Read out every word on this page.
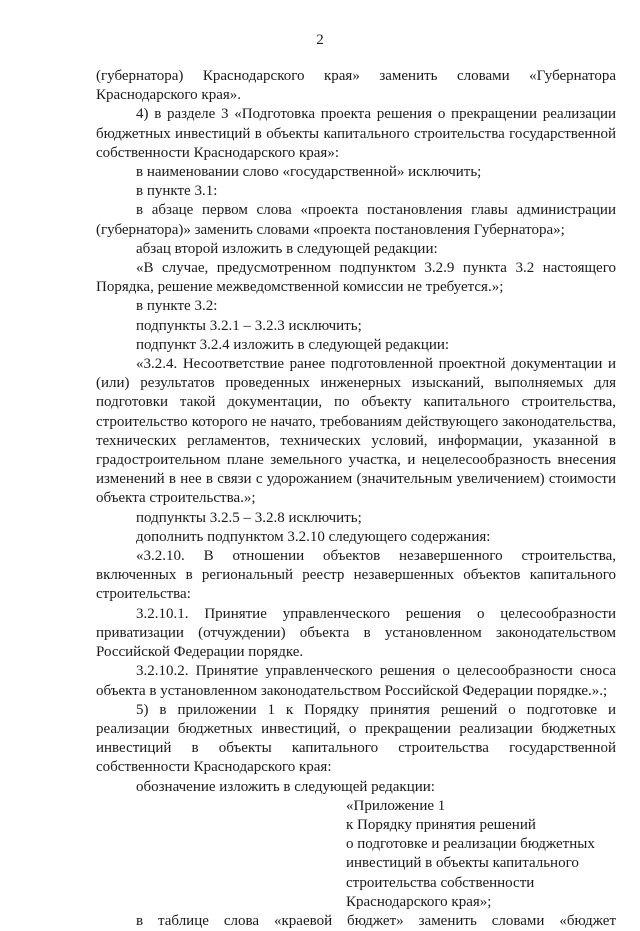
2

(губернатора) Краснодарского края» заменить словами «Губернатора Краснодарского края».

4) в разделе 3 «Подготовка проекта решения о прекращении реализации бюджетных инвестиций в объекты капитального строительства государственной собственности Краснодарского края»:

в наименовании слово «государственной» исключить;

в пункте 3.1:

в абзаце первом слова «проекта постановления главы администрации (губернатора)» заменить словами «проекта постановления Губернатора»;

абзац второй изложить в следующей редакции:

«В случае, предусмотренном подпунктом 3.2.9 пункта 3.2 настоящего Порядка, решение межведомственной комиссии не требуется.»;

в пункте 3.2:

подпункты 3.2.1 – 3.2.3 исключить;

подпункт 3.2.4 изложить в следующей редакции:

«3.2.4. Несоответствие ранее подготовленной проектной документации и (или) результатов проведенных инженерных изысканий, выполняемых для подготовки такой документации, по объекту капитального строительства, строительство которого не начато, требованиям действующего законодательства, технических регламентов, технических условий, информации, указанной в градостроительном плане земельного участка, и нецелесообразность внесения изменений в нее в связи с удорожанием (значительным увеличением) стоимости объекта строительства.»;

подпункты 3.2.5 – 3.2.8 исключить;

дополнить подпунктом 3.2.10 следующего содержания:

«3.2.10. В отношении объектов незавершенного строительства, включенных в региональный реестр незавершенных объектов капитального строительства:

3.2.10.1. Принятие управленческого решения о целесообразности приватизации (отчуждении) объекта в установленном законодательством Российской Федерации порядке.

3.2.10.2. Принятие управленческого решения о целесообразности сноса объекта в установленном законодательством Российской Федерации порядке.».;

5) в приложении 1 к Порядку принятия решений о подготовке и реализации бюджетных инвестиций, о прекращении реализации бюджетных инвестиций в объекты капитального строительства государственной собственности Краснодарского края:

обозначение изложить в следующей редакции:

«Приложение 1
к Порядку принятия решений
о подготовке и реализации бюджетных
инвестиций в объекты капитального
строительства собственности
Краснодарского края»;

в таблице слова «краевой бюджет» заменить словами «бюджет
